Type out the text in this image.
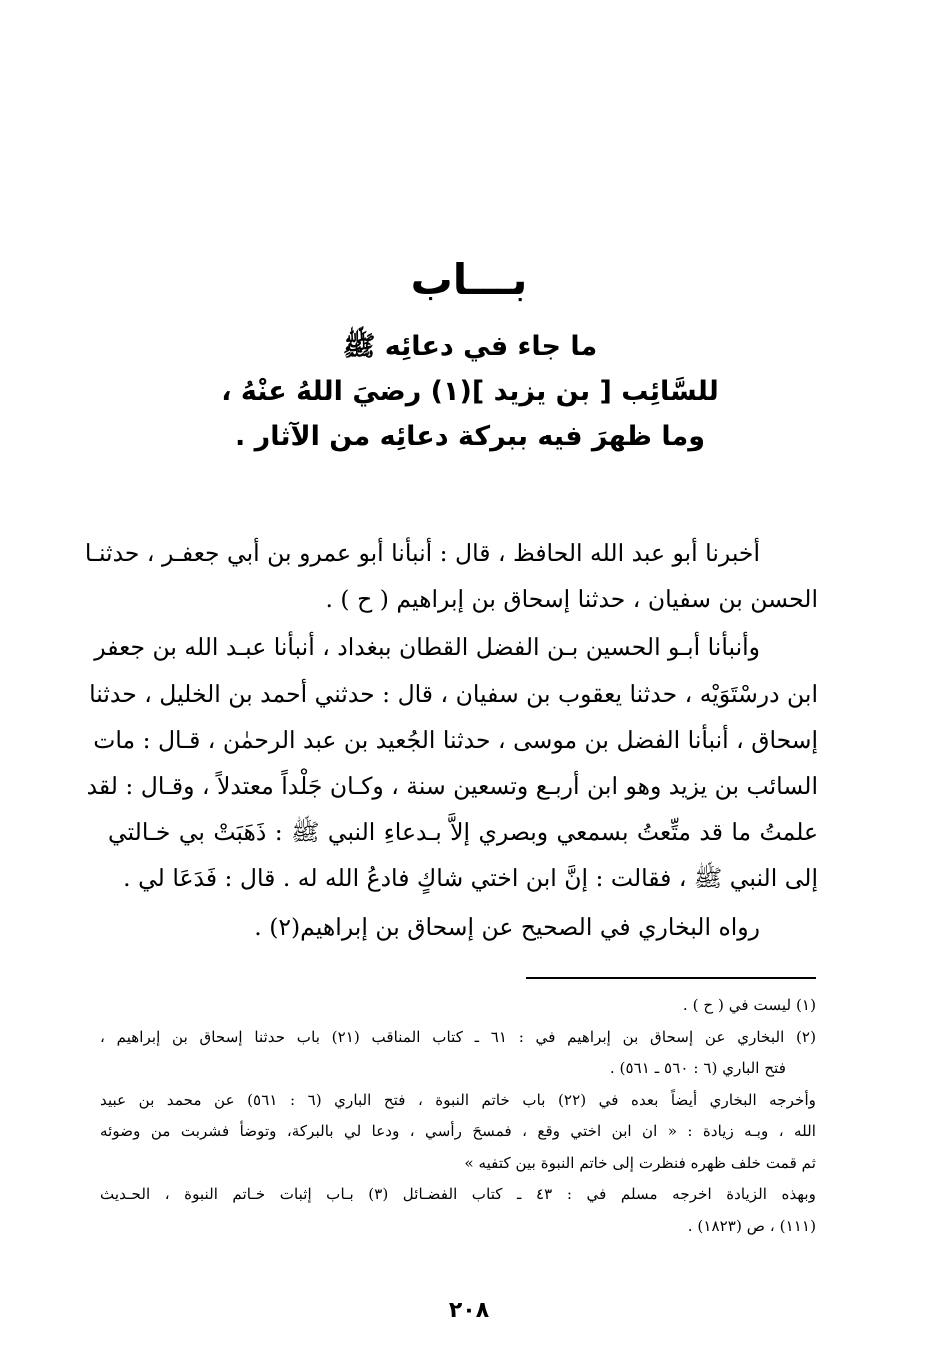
بـــاب
ما جاء في دعائِه ﷺ
للسَّائِب [ بن يزيد ](١) رضيَ اللهُ عنْهُ ،
وما ظهرَ فيه ببركة دعائِه من الآثار .
أخبرنا أبو عبد الله الحافظ ، قال : أنبأنا أبو عمرو بن أبي جعفـر ، حدثنـا
الحسن بن سفيان ، حدثنا إسحاق بن إبراهيم ( ح ) .
وأنبأنا أبـو الحسين بـن الفضل القطان ببغداد ، أنبأنا عبـد الله بن جعفر
ابن درسْتَوَيْه ، حدثنا يعقوب بن سفيان ، قال : حدثني أحمد بن الخليل ، حدثنا
إسحاق ، أنبأنا الفضل بن موسى ، حدثنا الجُعيد بن عبد الرحمٰن ، قـال : مات
السائب بن يزيد وهو ابن أربـع وتسعين سنة ، وكـان جَلْداً معتدلاً ، وقـال : لقد
علمتُ ما قد متِّعتُ بسمعي وبصري إلاَّ بـدعاءِ النبي ﷺ : ذَهَبَتْ بي خـالتي
إلى النبي ﷺ ، فقالت : إنَّ ابن اختي شاكٍ فادعُ الله له . قال : فَدَعَا لي .
رواه البخاري في الصحيح عن إسحاق بن إبراهيم(٢) .
(١) ليست في ( ح ) .
(٢) البخاري عن إسحاق بن إبراهيم في : ٦١ ـ كتاب المناقب (٢١) باب حدثنا إسحاق بن إبراهيم ،
فتح الباري (٦ : ٥٦٠ ـ ٥٦١) .
وأخرجه البخاري أيضاً بعده في (٢٢) باب خاتم النبوة ، فتح الباري (٦ : ٥٦١) عن محمد بن عبيد
الله ، وبـه زيادة : « ان ابن اختي وقع ، فمسحَ رأسي ، ودعا لي بالبركة، وتوضأ فشربت من وضوئه
ثم قمت خلف ظهره فنظرت إلى خاتم النبوة بين كتفيه »
وبهذه الزيادة اخرجه مسلم في : ٤٣ ـ كتاب الفضـائل (٣) بـاب إثبات خـاتم النبوة ، الحـديث
(١١١) ، ص (١٨٢٣) .
٢٠٨
